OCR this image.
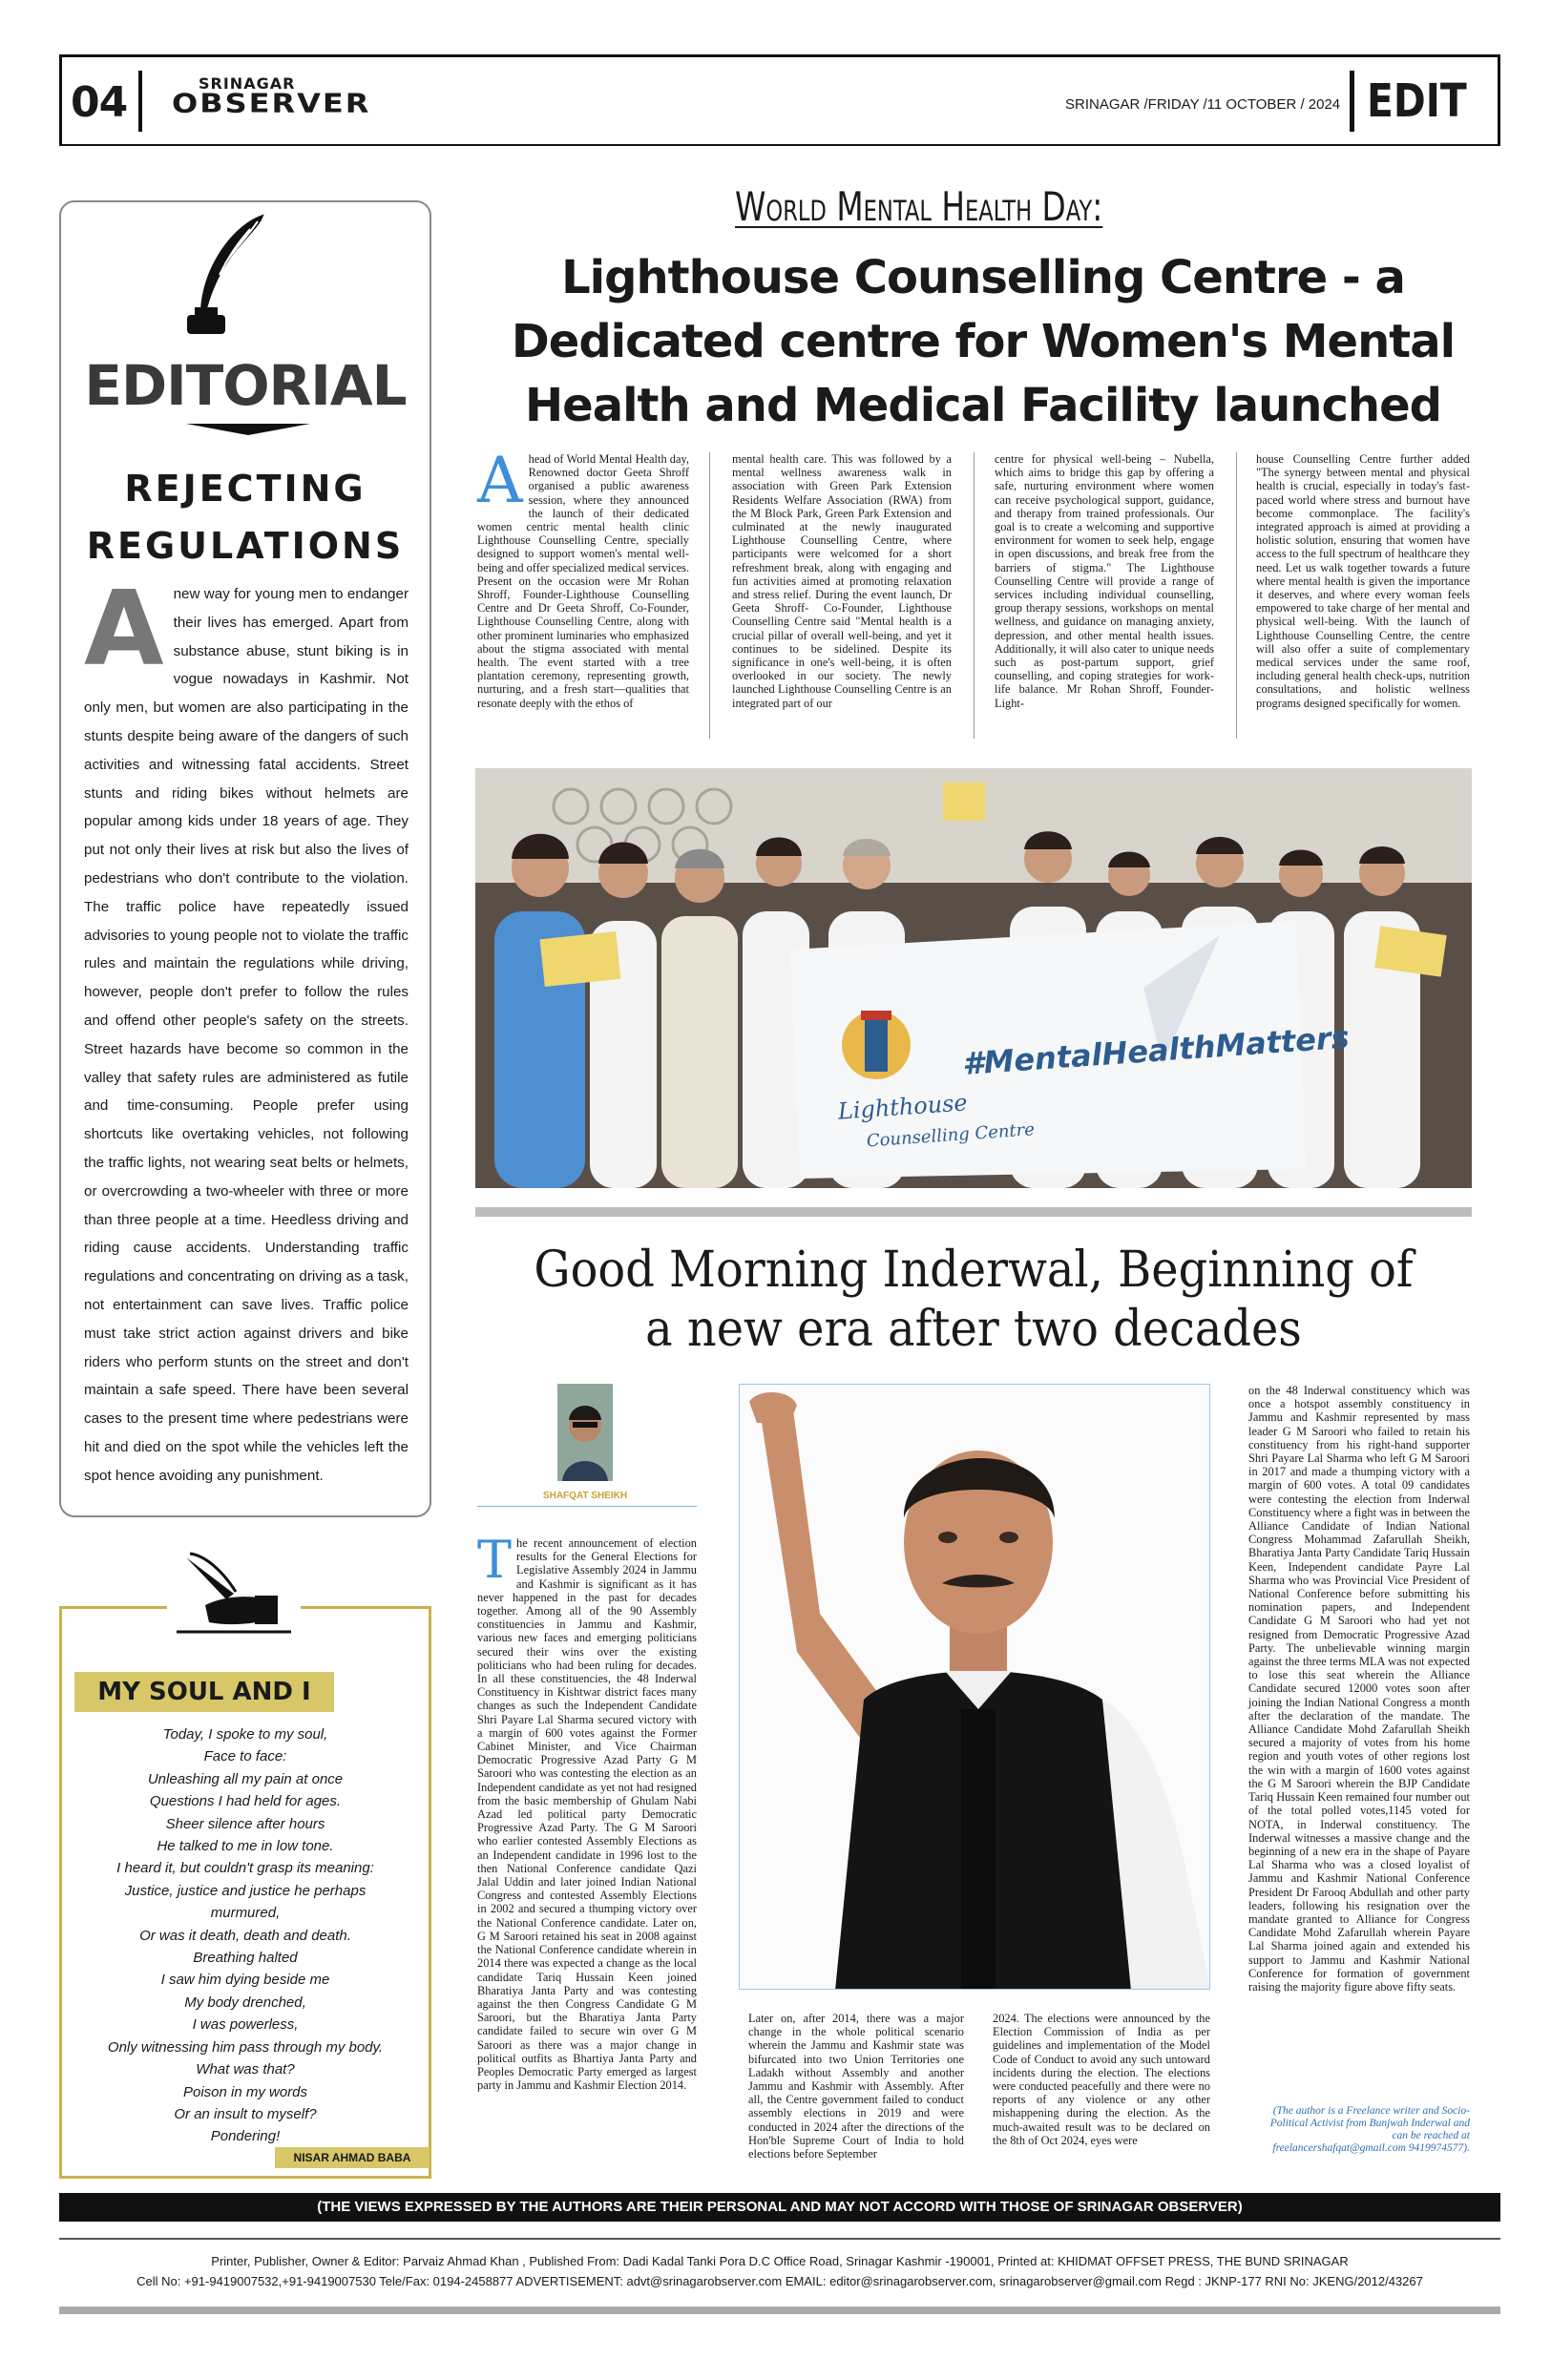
04	SRINAGAR
OBSERVER	SRINAGAR /FRIDAY /11 OCTOBER / 2024 EDIT
EDITORIAL
REJECTING REGULATIONS
Anew way for young men to endanger their lives has emerged. Apart from substance abuse, stunt biking is in vogue nowadays in Kashmir. Not only men, but women are also participating in the stunts despite being aware of the dangers of such activities and witnessing fatal accidents. Street stunts and riding bikes without helmets are popular among kids under 18 years of age. They put not only their lives at risk but also the lives of pedestrians who don't contribute to the violation. The traffic police have repeatedly issued advisories to young people not to violate the traffic rules and maintain the regulations while driving, however, people don't prefer to follow the rules and offend other people's safety on the streets. Street hazards have become so common in the valley that safety rules are administered as futile and time-consuming. People prefer using shortcuts like overtaking vehicles, not following the traffic lights, not wearing seat belts or helmets, or overcrowding a two-wheeler with three or more than three people at a time. Heedless driving and riding cause accidents. Understanding traffic regulations and concentrating on driving as a task, not entertainment can save lives. Traffic police must take strict action against drivers and bike riders who perform stunts on the street and don't maintain a safe speed. There have been several cases to the present time where pedestrians were hit and died on the spot while the vehicles left the spot hence avoiding any punishment.
MY SOUL AND I
Today, I spoke to my soul,
Face to face:
Unleashing all my pain at once
Questions I had held for ages.
Sheer silence after hours
He talked to me in low tone.
I heard it, but couldn't grasp its meaning:
Justice, justice and justice he perhaps
murmured,
Or was it death, death and death.
Breathing halted
I saw him dying beside me
My body drenched,
I was powerless,
Only witnessing him pass through my body.
What was that?
Poison in my words
Or an insult to myself?
Pondering!
NISAR AHMAD BABA
World Mental Health Day:
Lighthouse Counselling Centre - a Dedicated centre for Women's Mental Health and Medical Facility launched
Ahead of World Mental Health day, Renowned doctor Geeta Shroff organised a public awareness session, where they announced the launch of their dedicated women centric mental health clinic Lighthouse Counselling Centre, specially designed to support women's mental well-being and offer specialized medical services. Present on the occasion were Mr Rohan Shroff, Founder-Lighthouse Counselling Centre and Dr Geeta Shroff, Co-Founder, Lighthouse Counselling Centre, along with other prominent luminaries who emphasized about the stigma associated with mental health. The event started with a tree plantation ceremony, representing growth, nurturing, and a fresh start—qualities that resonate deeply with the ethos of
mental health care. This was followed by a mental wellness awareness walk in association with Green Park Extension Residents Welfare Association (RWA) from the M Block Park, Green Park Extension and culminated at the newly inaugurated Lighthouse Counselling Centre, where participants were welcomed for a short refreshment break, along with engaging and fun activities aimed at promoting relaxation and stress relief. During the event launch, Dr Geeta Shroff- Co-Founder, Lighthouse Counselling Centre said "Mental health is a crucial pillar of overall well-being, and yet it continues to be sidelined. Despite its significance in one's well-being, it is often overlooked in our society. The newly launched Lighthouse Counselling Centre is an integrated part of our
centre for physical well-being – Nubella, which aims to bridge this gap by offering a safe, nurturing environment where women can receive psychological support, guidance, and therapy from trained professionals. Our goal is to create a welcoming and supportive environment for women to seek help, engage in open discussions, and break free from the barriers of stigma." The Lighthouse Counselling Centre will provide a range of services including individual counselling, group therapy sessions, workshops on mental wellness, and guidance on managing anxiety, depression, and other mental health issues. Additionally, it will also cater to unique needs such as post-partum support, grief counselling, and coping strategies for work-life balance. Mr Rohan Shroff, Founder-Light-
house Counselling Centre further added "The synergy between mental and physical health is crucial, especially in today's fast-paced world where stress and burnout have become commonplace. The facility's integrated approach is aimed at providing a holistic solution, ensuring that women have access to the full spectrum of healthcare they need. Let us walk together towards a future where mental health is given the importance it deserves, and where every woman feels empowered to take charge of her mental and physical well-being. With the launch of Lighthouse Counselling Centre, the centre will also offer a suite of complementary medical services under the same roof, including general health check-ups, nutrition consultations, and holistic wellness programs designed specifically for women.
#MentalHealthMatters
Lighthouse
Counselling Centre
Good Morning Inderwal, Beginning of
a new era after two decades
SHAFQAT SHEIKH
The recent announcement of election results for the General Elections for Legislative Assembly 2024 in Jammu and Kashmir is significant as it has never happened in the past for decades together. Among all of the 90 Assembly constituencies in Jammu and Kashmir, various new faces and emerging politicians secured their wins over the existing politicians who had been ruling for decades. In all these constituencies, the 48 Inderwal Constituency in Kishtwar district faces many changes as such the Independent Candidate Shri Payare Lal Sharma secured victory with a margin of 600 votes against the Former Cabinet Minister, and Vice Chairman Democratic Progressive Azad Party G M Saroori who was contesting the election as an Independent candidate as yet not had resigned from the basic membership of Ghulam Nabi Azad led political party Democratic Progressive Azad Party. The G M Saroori who earlier contested Assembly Elections as an Independent candidate in 1996 lost to the then National Conference candidate Qazi Jalal Uddin and later joined Indian National Congress and contested Assembly Elections in 2002 and secured a thumping victory over the National Conference candidate. Later on, G M Saroori retained his seat in 2008 against the National Conference candidate wherein in 2014 there was expected a change as the local candidate Tariq Hussain Keen joined Bharatiya Janta Party and was contesting against the then Congress Candidate G M Saroori, but the Bharatiya Janta Party candidate failed to secure win over G M Saroori as there was a major change in political outfits as Bhartiya Janta Party and Peoples Democratic Party emerged as largest party in Jammu and Kashmir Election 2014.
Later on, after 2014, there was a major change in the whole political scenario wherein the Jammu and Kashmir state was bifurcated into two Union Territories one Ladakh without Assembly and another Jammu and Kashmir with Assembly. After all, the Centre government failed to conduct assembly elections in 2019 and were conducted in 2024 after the directions of the Hon'ble Supreme Court of India to hold elections before September
2024. The elections were announced by the Election Commission of India as per guidelines and implementation of the Model Code of Conduct to avoid any such untoward incidents during the election. The elections were conducted peacefully and there were no reports of any violence or any other mishappening during the election. As the much-awaited result was to be declared on the 8th of Oct 2024, eyes were
on the 48 Inderwal constituency which was once a hotspot assembly constituency in Jammu and Kashmir represented by mass leader G M Saroori who failed to retain his constituency from his right-hand supporter Shri Payare Lal Sharma who left G M Saroori in 2017 and made a thumping victory with a margin of 600 votes. A total 09 candidates were contesting the election from Inderwal Constituency where a fight was in between the Alliance Candidate of Indian National Congress Mohammad Zafarullah Sheikh, Bharatiya Janta Party Candidate Tariq Hussain Keen, Independent candidate Payre Lal Sharma who was Provincial Vice President of National Conference before submitting his nomination papers, and Independent Candidate G M Saroori who had yet not resigned from Democratic Progressive Azad Party. The unbelievable winning margin against the three terms MLA was not expected to lose this seat wherein the Alliance Candidate secured 12000 votes soon after joining the Indian National Congress a month after the declaration of the mandate. The Alliance Candidate Mohd Zafarullah Sheikh secured a majority of votes from his home region and youth votes of other regions lost the win with a margin of 1600 votes against the G M Saroori wherein the BJP Candidate Tariq Hussain Keen remained four number out of the total polled votes,1145 voted for NOTA, in Inderwal constituency. The Inderwal witnesses a massive change and the beginning of a new era in the shape of Payare Lal Sharma who was a closed loyalist of Jammu and Kashmir National Conference President Dr Farooq Abdullah and other party leaders, following his resignation over the mandate granted to Alliance for Congress Candidate Mohd Zafarullah wherein Payare Lal Sharma joined again and extended his support to Jammu and Kashmir National Conference for formation of government raising the majority figure above fifty seats.
(The author is a Freelance writer and Socio-Political Activist from Bunjwah Inderwal and can be reached at freelancershafqat@gmail.com 9419974577).
(THE VIEWS EXPRESSED BY THE AUTHORS ARE THEIR PERSONAL AND MAY NOT ACCORD WITH THOSE OF SRINAGAR OBSERVER)
Printer, Publisher, Owner & Editor: Parvaiz Ahmad Khan , Published From: Dadi Kadal Tanki Pora D.C Office Road, Srinagar Kashmir -190001, Printed at: KHIDMAT OFFSET PRESS, THE BUND SRINAGAR
Cell No: +91-9419007532,+91-9419007530 Tele/Fax: 0194-2458877 ADVERTISEMENT: advt@srinagarobserver.com EMAIL: editor@srinagarobserver.com, srinagarobserver@gmail.com Regd : JKNP-177 RNI No: JKENG/2012/43267
